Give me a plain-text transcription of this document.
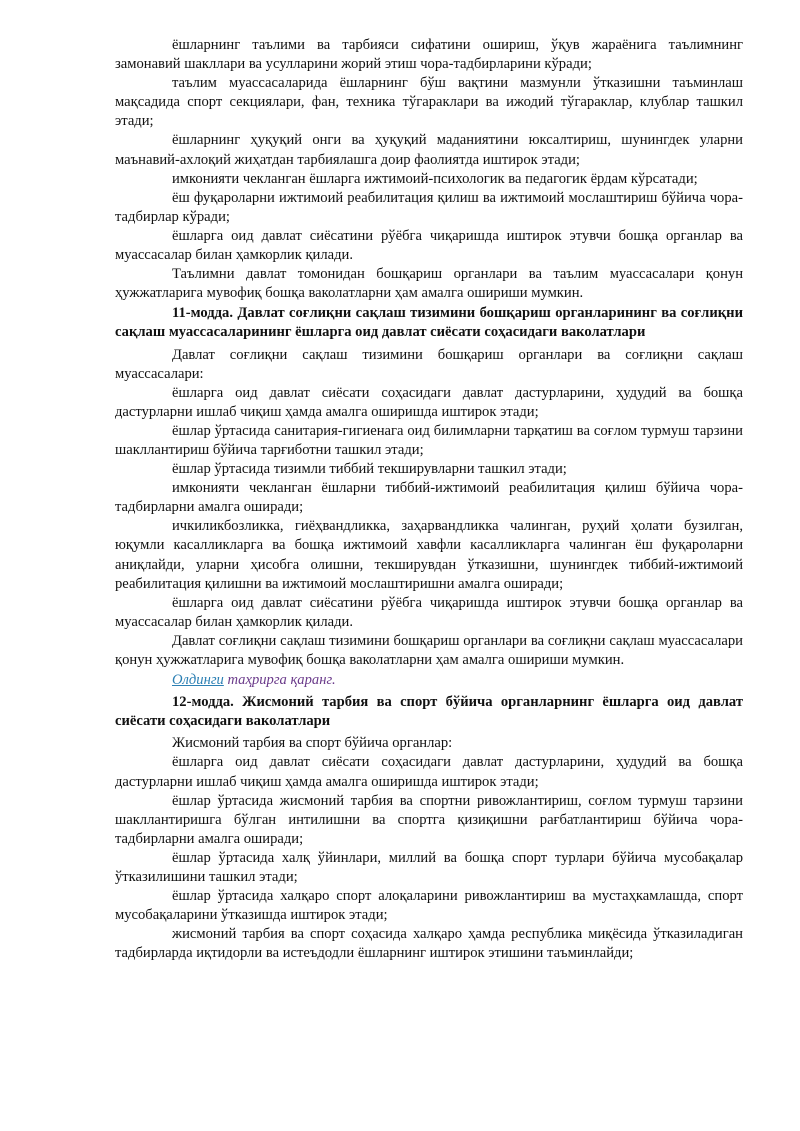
ёшларнинг таълими ва тарбияси сифатини ошириш, ўқув жараёнига таълимнинг замонавий шакллари ва усулларини жорий этиш чора-тадбирларини кўради;

таълим муассасаларида ёшларнинг бўш вақтини мазмунли ўтказишни таъминлаш мақсадида спорт секциялари, фан, техника тўгараклари ва ижодий тўгараклар, клублар ташкил этади;

ёшларнинг ҳуқуқий онги ва ҳуқуқий маданиятини юксалтириш, шунингдек уларни маънавий-ахлоқий жиҳатдан тарбиялашга доир фаолиятда иштирок этади;

имконияти чекланган ёшларга ижтимоий-психологик ва педагогик ёрдам кўрсатади;

ёш фуқароларни ижтимоий реабилитация қилиш ва ижтимоий мослаштириш бўйича чора-тадбирлар кўради;

ёшларга оид давлат сиёсатини рўёбга чиқаришда иштирок этувчи бошқа органлар ва муассасалар билан ҳамкорлик қилади.

Таълимни давлат томонидан бошқариш органлари ва таълим муассасалари қонун ҳужжатларига мувофиқ бошқа ваколатларни ҳам амалга ошириши мумкин.

11-модда. Давлат соғлиқни сақлаш тизимини бошқариш органларининг ва соғлиқни сақлаш муассасаларининг ёшларга оид давлат сиёсати соҳасидаги ваколатлари

Давлат соғлиқни сақлаш тизимини бошқариш органлари ва соғлиқни сақлаш муассасалари:

ёшларга оид давлат сиёсати соҳасидаги давлат дастурларини, ҳудудий ва бошқа дастурларни ишлаб чиқиш ҳамда амалга оширишда иштирок этади;

ёшлар ўртасида санитария-гигиенага оид билимларни тарқатиш ва соғлом турмуш тарзини шакллантириш бўйича тарғиботни ташкил этади;

ёшлар ўртасида тизимли тиббий текширувларни ташкил этади;

имконияти чекланган ёшларни тиббий-ижтимоий реабилитация қилиш бўйича чора-тадбирларни амалга оширади;

ичкиликбозликка, гиёҳвандликка, заҳарвандликка чалинган, руҳий ҳолати бузилган, юқумли касалликларга ва бошқа ижтимоий хавфли касалликларга чалинган ёш фуқароларни аниқлайди, уларни ҳисобга олишни, текширувдан ўтказишни, шунингдек тиббий-ижтимоий реабилитация қилишни ва ижтимоий мослаштиришни амалга оширади;

ёшларга оид давлат сиёсатини рўёбга чиқаришда иштирок этувчи бошқа органлар ва муассасалар билан ҳамкорлик қилади.

Давлат соғлиқни сақлаш тизимини бошқариш органлари ва соғлиқни сақлаш муассасалари қонун ҳужжатларига мувофиқ бошқа ваколатларни ҳам амалга ошириши мумкин.

Олдинги таҳрирга қаранг.

12-модда. Жисмоний тарбия ва спорт бўйича органларнинг ёшларга оид давлат сиёсати соҳасидаги ваколатлари

Жисмоний тарбия ва спорт бўйича органлар:

ёшларга оид давлат сиёсати соҳасидаги давлат дастурларини, ҳудудий ва бошқа дастурларни ишлаб чиқиш ҳамда амалга оширишда иштирок этади;

ёшлар ўртасида жисмоний тарбия ва спортни ривожлантириш, соғлом турмуш тарзини шакллантиришга бўлган интилишни ва спортга қизиқишни рағбатлантириш бўйича чора-тадбирларни амалга оширади;

ёшлар ўртасида халқ ўйинлари, миллий ва бошқа спорт турлари бўйича мусобақалар ўтказилишини ташкил этади;

ёшлар ўртасида халқаро спорт алоқаларини ривожлантириш ва мустаҳкамлашда, спорт мусобақаларини ўтказишда иштирок этади;

жисмоний тарбия ва спорт соҳасида халқаро ҳамда республика миқёсида ўтказиладиган тадбирларда иқтидорли ва истеъдодли ёшларнинг иштирок этишини таъминлайди;
